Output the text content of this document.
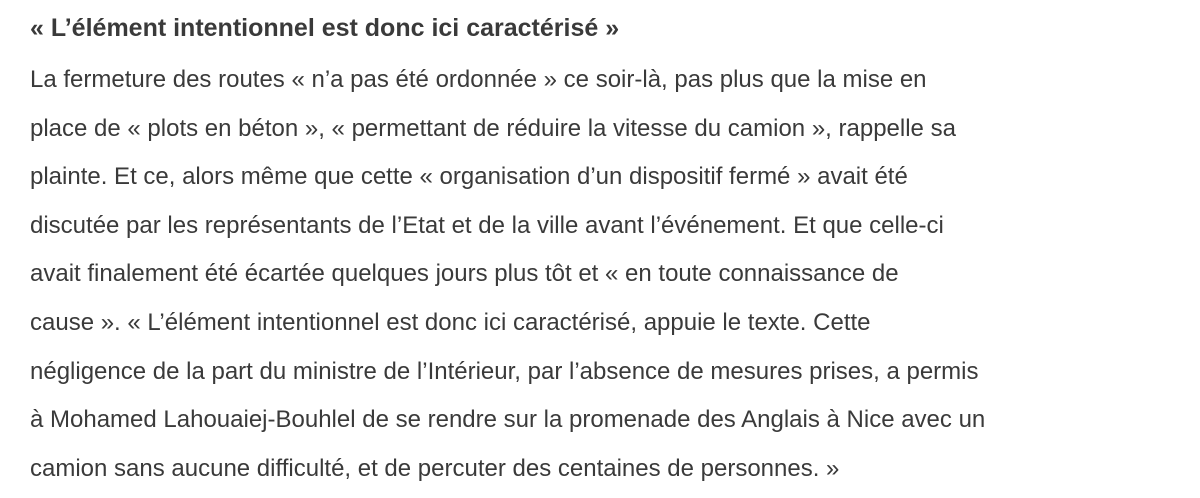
« L’élément intentionnel est donc ici caractérisé »

La fermeture des routes « n’a pas été ordonnée » ce soir-là, pas plus que la mise en
place de « plots en béton », « permettant de réduire la vitesse du camion », rappelle sa
plainte. Et ce, alors même que cette « organisation d’un dispositif fermé » avait été
discutée par les représentants de l’Etat et de la ville avant l’événement. Et que celle-ci
avait finalement été écartée quelques jours plus tôt et « en toute connaissance de
cause ». « L’élément intentionnel est donc ici caractérisé, appuie le texte. Cette
négligence de la part du ministre de l’Intérieur, par l’absence de mesures prises, a permis
à Mohamed Lahouaiej-Bouhlel de se rendre sur la promenade des Anglais à Nice avec un
camion sans aucune difficulté, et de percuter des centaines de personnes. »
